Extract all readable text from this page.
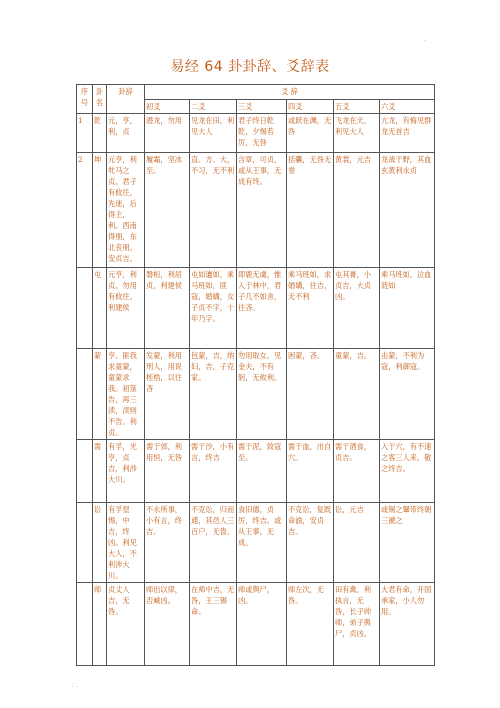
·
易经 64 卦卦辞、爻辞表
序号	卦名	卦辞	爻 辞					
			初爻	二爻	三爻	四爻	五爻	六爻
1	乾	元，亨，利，贞	潜龙，勿用	见龙在田，利见大人	君子终日乾乾，夕惕若厉，无咎	或跃在渊，无咎	飞龙在天，利见大人	亢龙，有悔见群龙无首吉
2	坤	元亨，利牝马之贞。君子有攸往，先迷，后得主，利。西南得朋，东北丧朋。安贞吉。	履霜，坚冰至。	直、方、大，不习，无不利	含章，可贞，或从王事，无成有终。	括囊，无咎无誉	黄裳，元吉	龙战于野，其血玄黄利永贞
	屯	元亨，利贞。勿用有攸往。利建侯	磐桓，利居贞，利建侯	屯如邅如，乘马班如，匪寇，婚媾，女子贞不字，十年乃字。	即鹿无虞，惟入于林中，君子几不如舍，往吝。	乘马班如，求婚媾，往吉，无不利	屯其膏，小贞吉，大贞凶。	乘马班如，泣血涟如
	蒙	亨。匪我求童蒙，童蒙求我。初筮告，再三渎，渎则不告。利贞。	发蒙，利用刑人，用说桎梏，以往吝	包蒙，吉，纳妇，吉，子克家。	勿用取女，见金夫，不有躬，无攸利。	困蒙，吝。	童蒙，吉。	击蒙，不利为寇，利御寇。
	需	有孚，光亨，贞吉，利涉大川。	需于郊，利用恒，无咎	需于沙，小有言，终吉	需于泥，致寇至。	需于血，出自穴。	需于酒食，贞吉。	入于穴，有不速之客三人来，敬之终吉。
	讼	有孚窒惕，中吉，终凶。利见大人，不利涉大川。	不永所事，小有言，终吉。	不克讼，归而逋，其邑人三百户，无眚。	食旧德，贞厉，终吉。或从王事，无成。	不克讼，复既命渝，安贞吉。	讼，元吉	或锡之鞶带终朝三褫之
	师	贞丈人吉，无咎。	师出以律，否臧凶。	在师中吉，无咎，王三锡命。	师或舆尸，凶。	师左次，无咎。	田有禽，利执言，无咎，长子帅师，弟子舆尸，贞凶。	大君有命，开国承家，小人勿用。
: .
